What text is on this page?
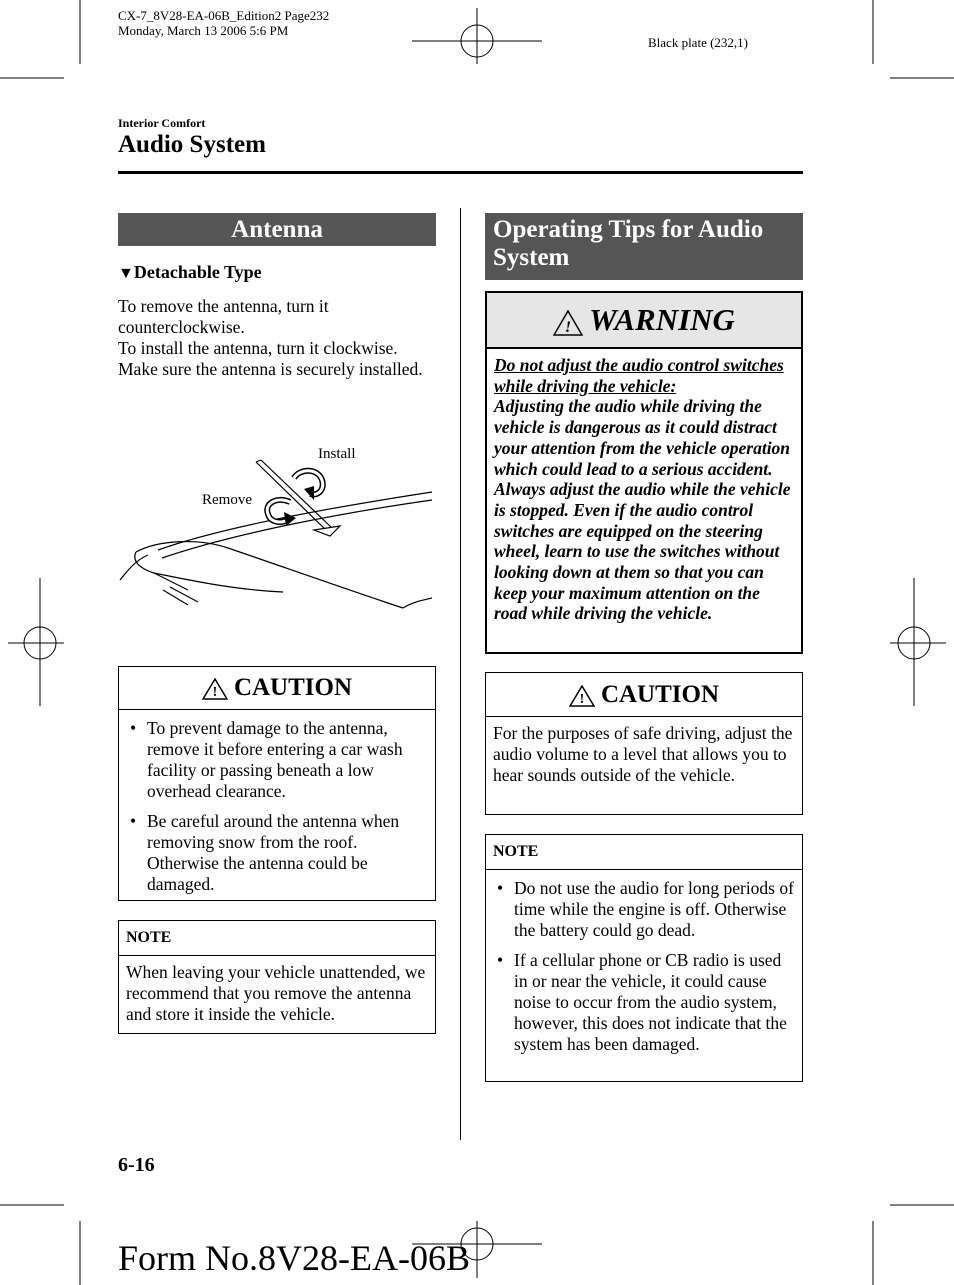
CX-7_8V28-EA-06B_Edition2 Page232
Monday, March 13 2006 5:6 PM
Black plate (232,1)
Interior Comfort
Audio System
Antenna
▼Detachable Type
To remove the antenna, turn it counterclockwise.
To install the antenna, turn it clockwise.
Make sure the antenna is securely installed.
Install
Remove
! CAUTION
• To prevent damage to the antenna, remove it before entering a car wash facility or passing beneath a low overhead clearance.
• Be careful around the antenna when removing snow from the roof. Otherwise the antenna could be damaged.
NOTE
When leaving your vehicle unattended, we recommend that you remove the antenna and store it inside the vehicle.
Operating Tips for Audio System
! WARNING
Do not adjust the audio control switches while driving the vehicle:
Adjusting the audio while driving the vehicle is dangerous as it could distract your attention from the vehicle operation which could lead to a serious accident. Always adjust the audio while the vehicle is stopped. Even if the audio control switches are equipped on the steering wheel, learn to use the switches without looking down at them so that you can keep your maximum attention on the road while driving the vehicle.
! CAUTION
For the purposes of safe driving, adjust the audio volume to a level that allows you to hear sounds outside of the vehicle.
NOTE
• Do not use the audio for long periods of time while the engine is off. Otherwise the battery could go dead.
• If a cellular phone or CB radio is used in or near the vehicle, it could cause noise to occur from the audio system, however, this does not indicate that the system has been damaged.
6-16
Form No.8V28-EA-06B
